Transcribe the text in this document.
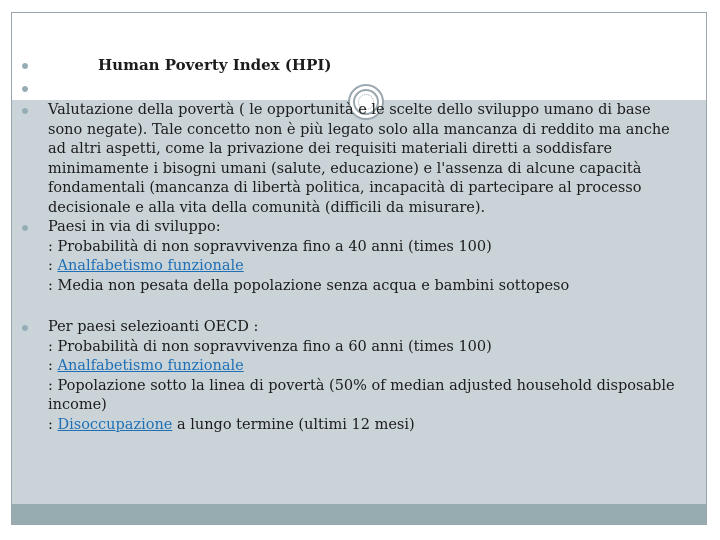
Human Poverty Index (HPI)

Valutazione della povertà ( le opportunità e le scelte dello sviluppo umano di base sono negate). Tale concetto non è più legato solo alla mancanza di reddito ma anche ad altri aspetti, come la privazione dei requisiti materiali diretti a soddisfare minimamente i bisogni umani (salute, educazione) e l'assenza di alcune capacità fondamentali (mancanza di libertà politica, incapacità di partecipare al processo decisionale e alla vita della comunità (difficili da misurare).

Paesi in via di sviluppo:

: Probabilità di non sopravvivenza fino a 40 anni (times 100)

: Analfabetismo funzionale

: Media non pesata della popolazione senza acqua e bambini sottopeso

Per paesi selezioanti OECD :

: Probabilità di non sopravvivenza fino a 60 anni (times 100)

: Analfabetismo funzionale

: Popolazione sotto la linea di povertà (50% of median adjusted household disposable income)

: Disoccupazione a lungo termine (ultimi 12 mesi)
